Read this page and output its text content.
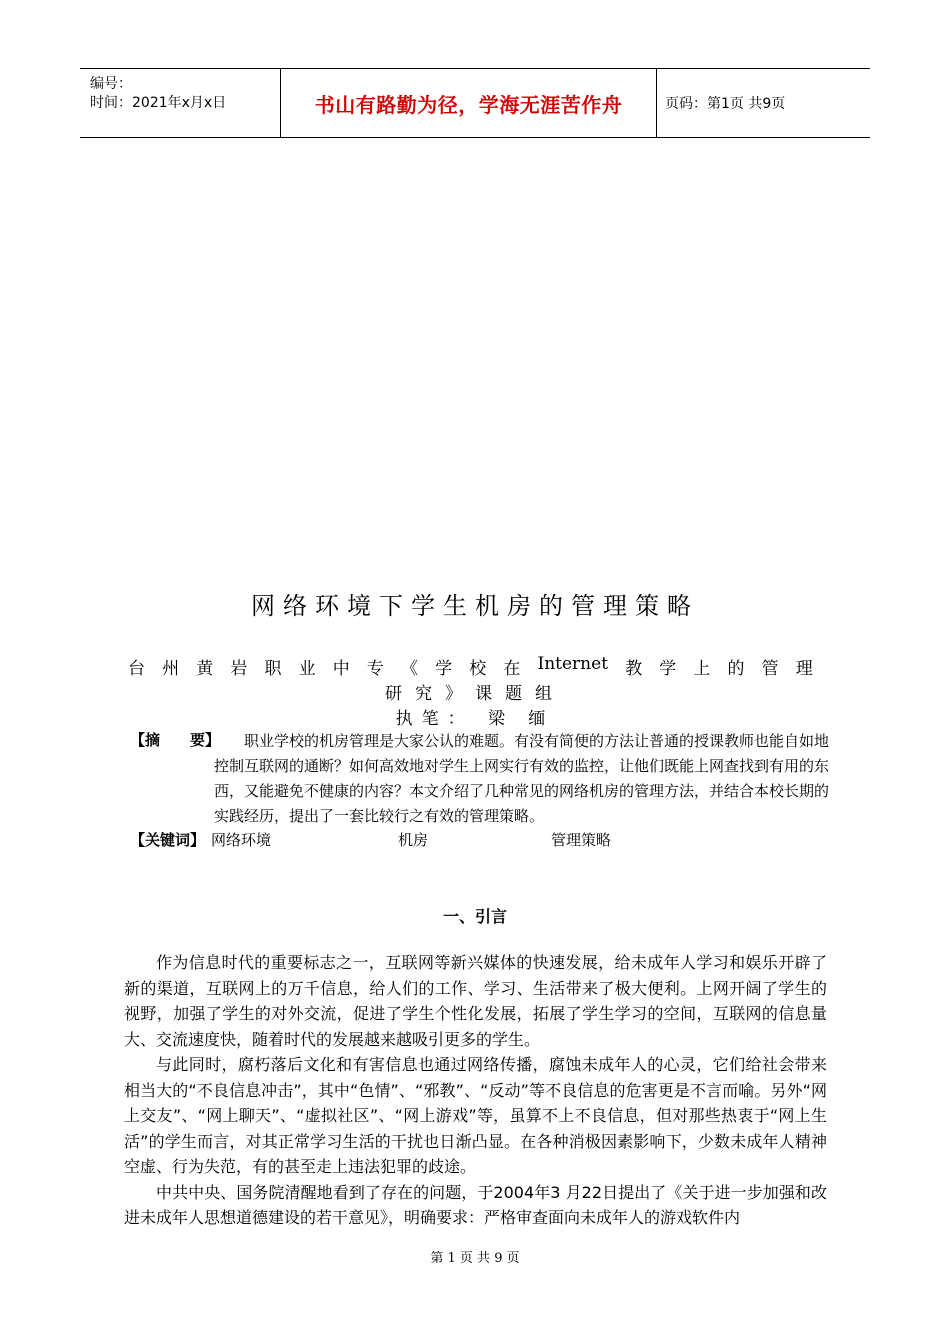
编号：
时间：2021年x月x日	书山有路勤为径，学海无涯苦作舟	页码：第1页 共9页
网络环境下学生机房的管理策略
台 州 黄 岩 职 业 中 专 《 学 校 在 Internet 教 学 上 的 管 理
研究》课题组
执笔： 梁 缅
【摘　　要】	职业学校的机房管理是大家公认的难题。有没有简便的方法让普通的授课教师也能自如地控制互联网的通断？如何高效地对学生上网实行有效的监控，让他们既能上网查找到有用的东西，又能避免不健康的内容？本文介绍了几种常见的网络机房的管理方法，并结合本校长期的实践经历，提出了一套比较行之有效的管理策略。
【关键词】 网络环境	机房	管理策略
一、引言

作为信息时代的重要标志之一，互联网等新兴媒体的快速发展，给未成年人学习和娱乐开辟了新的渠道，互联网上的万千信息，给人们的工作、学习、生活带来了极大便利。上网开阔了学生的视野，加强了学生的对外交流，促进了学生个性化发展，拓展了学生学习的空间，互联网的信息量大、交流速度快，随着时代的发展越来越吸引更多的学生。

与此同时，腐朽落后文化和有害信息也通过网络传播，腐蚀未成年人的心灵，它们给社会带来相当大的“不良信息冲击”，其中“色情”、“邪教”、“反动”等不良信息的危害更是不言而喻。另外“网上交友”、“网上聊天”、“虚拟社区”、“网上游戏”等，虽算不上不良信息，但对那些热衷于“网上生活”的学生而言，对其正常学习生活的干扰也日渐凸显。在各种消极因素影响下，少数未成年人精神空虚、行为失范，有的甚至走上违法犯罪的歧途。

中共中央、国务院清醒地看到了存在的问题，于2004年3 月22日提出了《关于进一步加强和改进未成年人思想道德建设的若干意见》，明确要求：严格审查面向未成年人的游戏软件内

第 1 页 共 9 页
